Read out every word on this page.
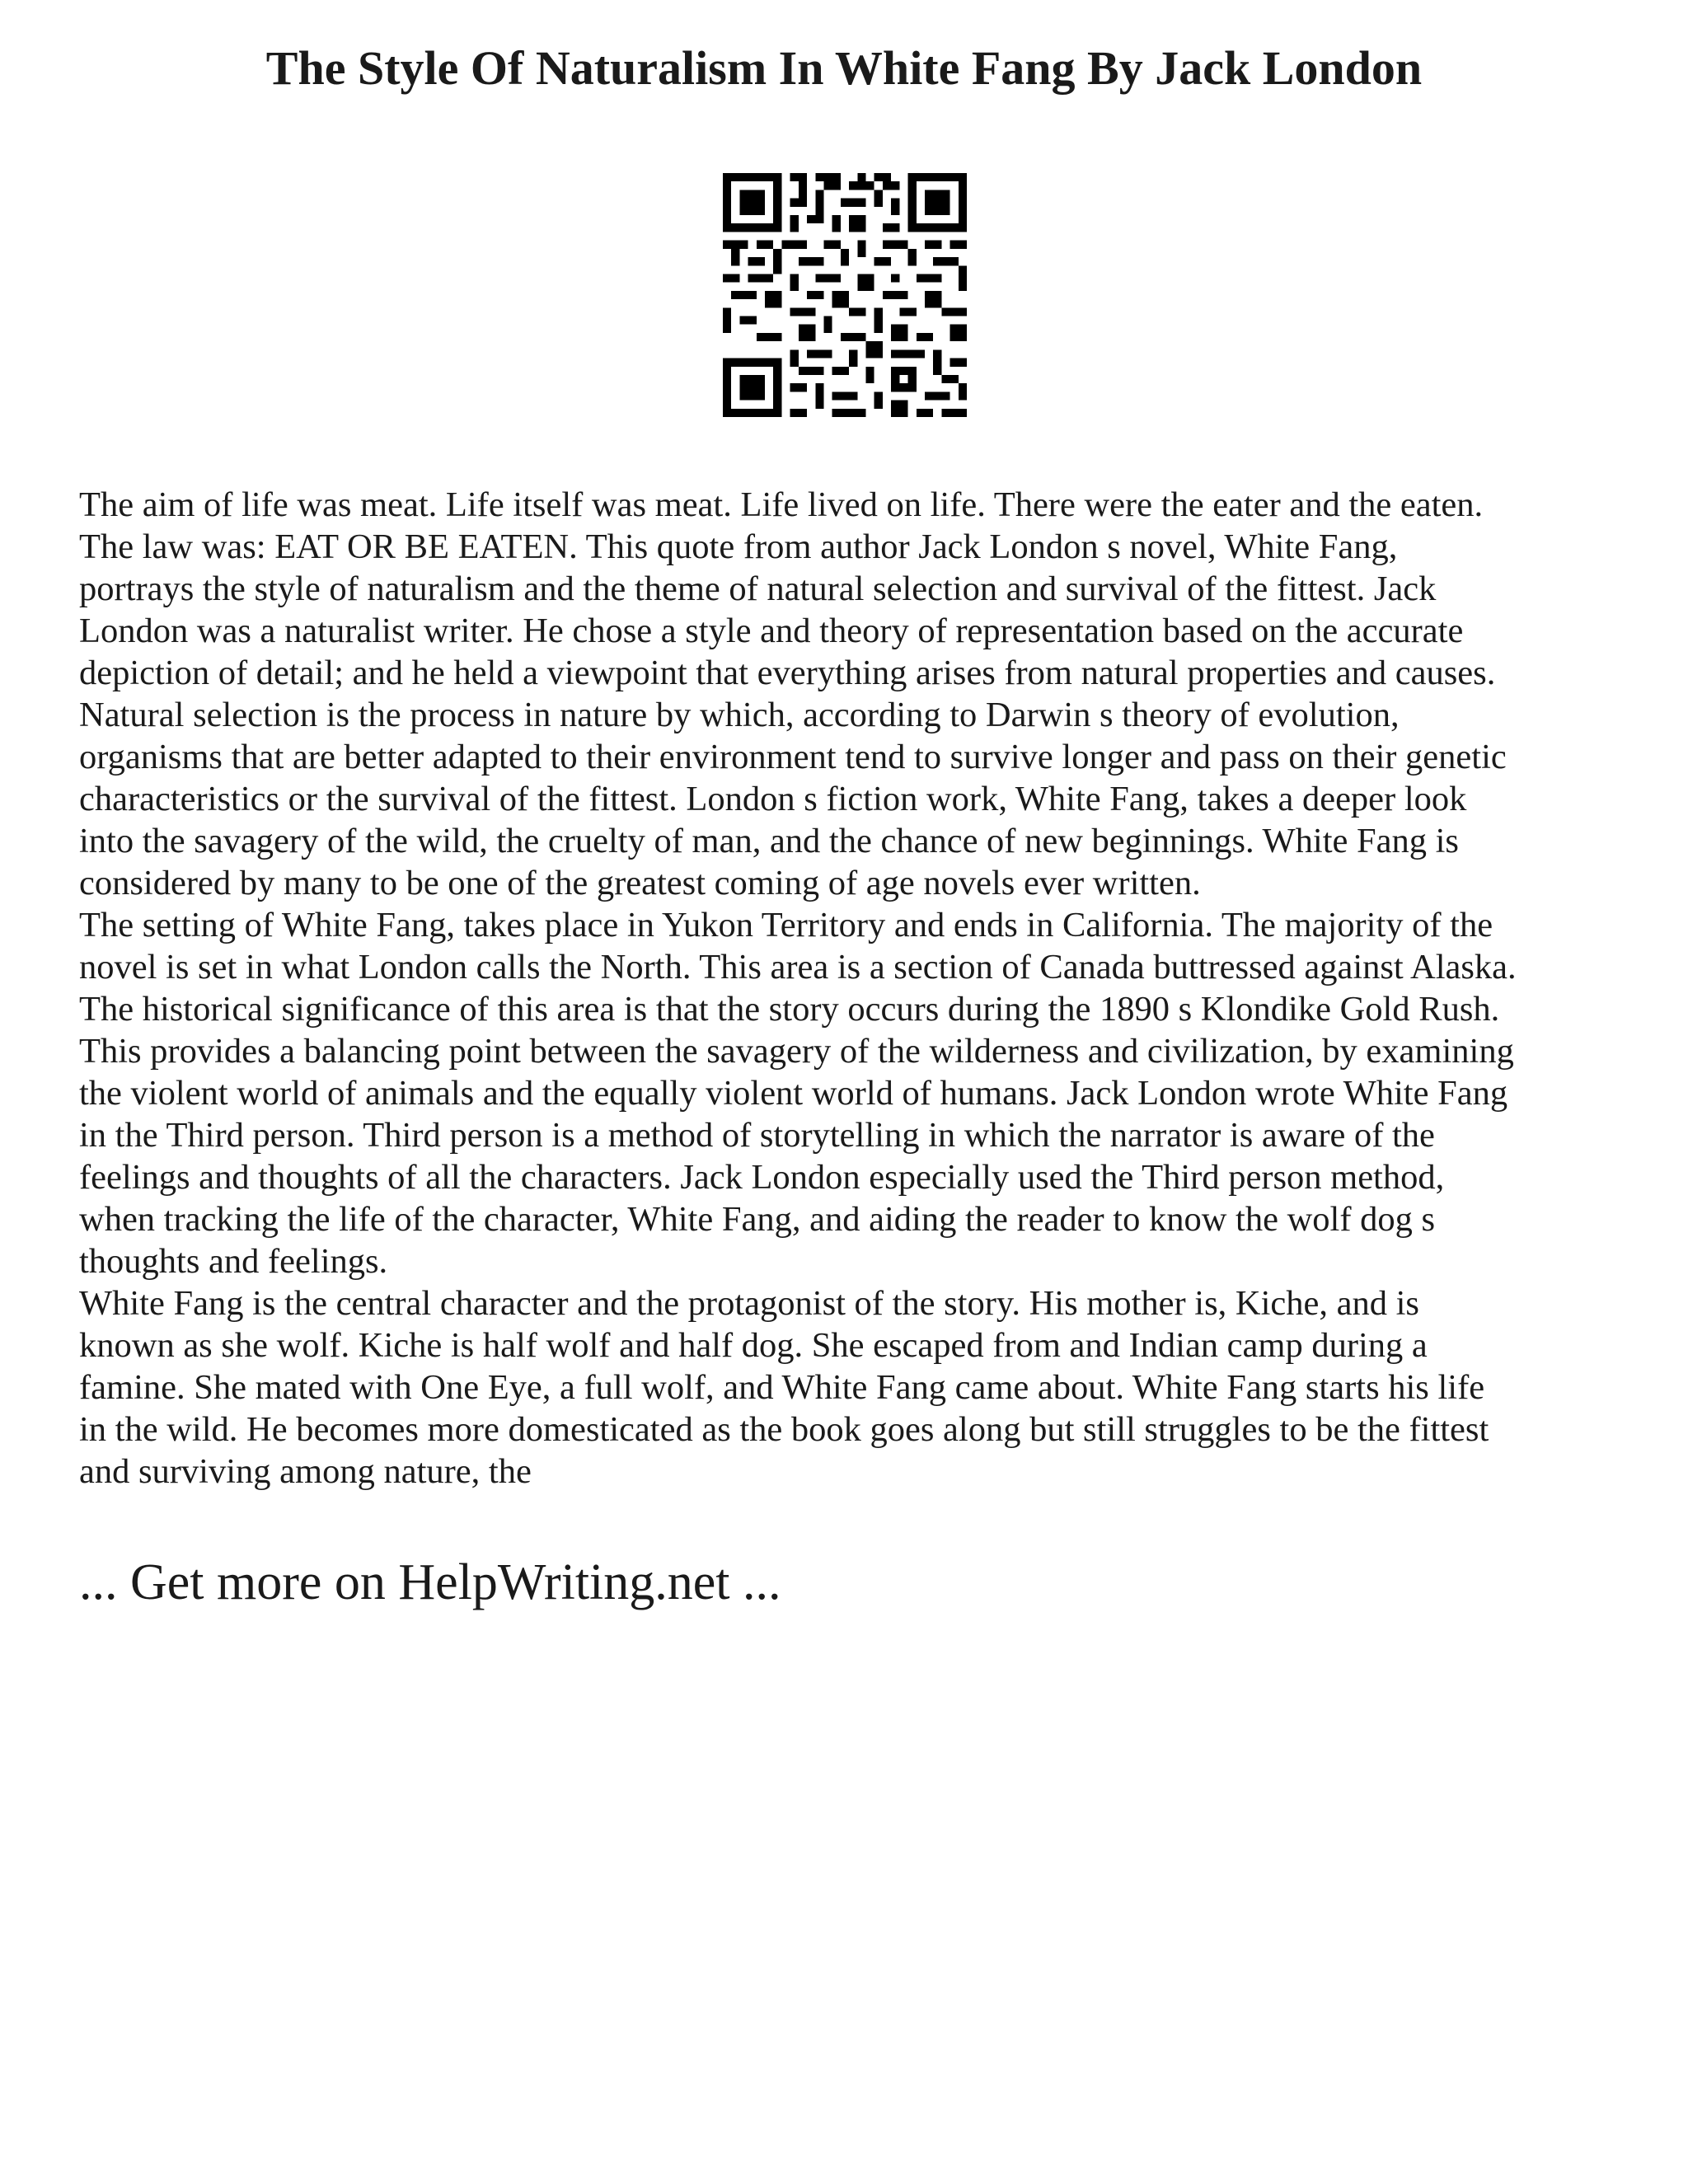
The Style Of Naturalism In White Fang By Jack London
The aim of life was meat. Life itself was meat. Life lived on life. There were the eater and the eaten.
The law was: EAT OR BE EATEN. This quote from author Jack London s novel, White Fang,
portrays the style of naturalism and the theme of natural selection and survival of the fittest. Jack
London was a naturalist writer. He chose a style and theory of representation based on the accurate
depiction of detail; and he held a viewpoint that everything arises from natural properties and causes.
Natural selection is the process in nature by which, according to Darwin s theory of evolution,
organisms that are better adapted to their environment tend to survive longer and pass on their genetic
characteristics or the survival of the fittest. London s fiction work, White Fang, takes a deeper look
into the savagery of the wild, the cruelty of man, and the chance of new beginnings. White Fang is
considered by many to be one of the greatest coming of age novels ever written.
The setting of White Fang, takes place in Yukon Territory and ends in California. The majority of the
novel is set in what London calls the North. This area is a section of Canada buttressed against Alaska.
The historical significance of this area is that the story occurs during the 1890 s Klondike Gold Rush.
This provides a balancing point between the savagery of the wilderness and civilization, by examining
the violent world of animals and the equally violent world of humans. Jack London wrote White Fang
in the Third person. Third person is a method of storytelling in which the narrator is aware of the
feelings and thoughts of all the characters. Jack London especially used the Third person method,
when tracking the life of the character, White Fang, and aiding the reader to know the wolf dog s
thoughts and feelings.
White Fang is the central character and the protagonist of the story. His mother is, Kiche, and is
known as she wolf. Kiche is half wolf and half dog. She escaped from and Indian camp during a
famine. She mated with One Eye, a full wolf, and White Fang came about. White Fang starts his life
in the wild. He becomes more domesticated as the book goes along but still struggles to be the fittest
and surviving among nature, the
... Get more on HelpWriting.net ...
